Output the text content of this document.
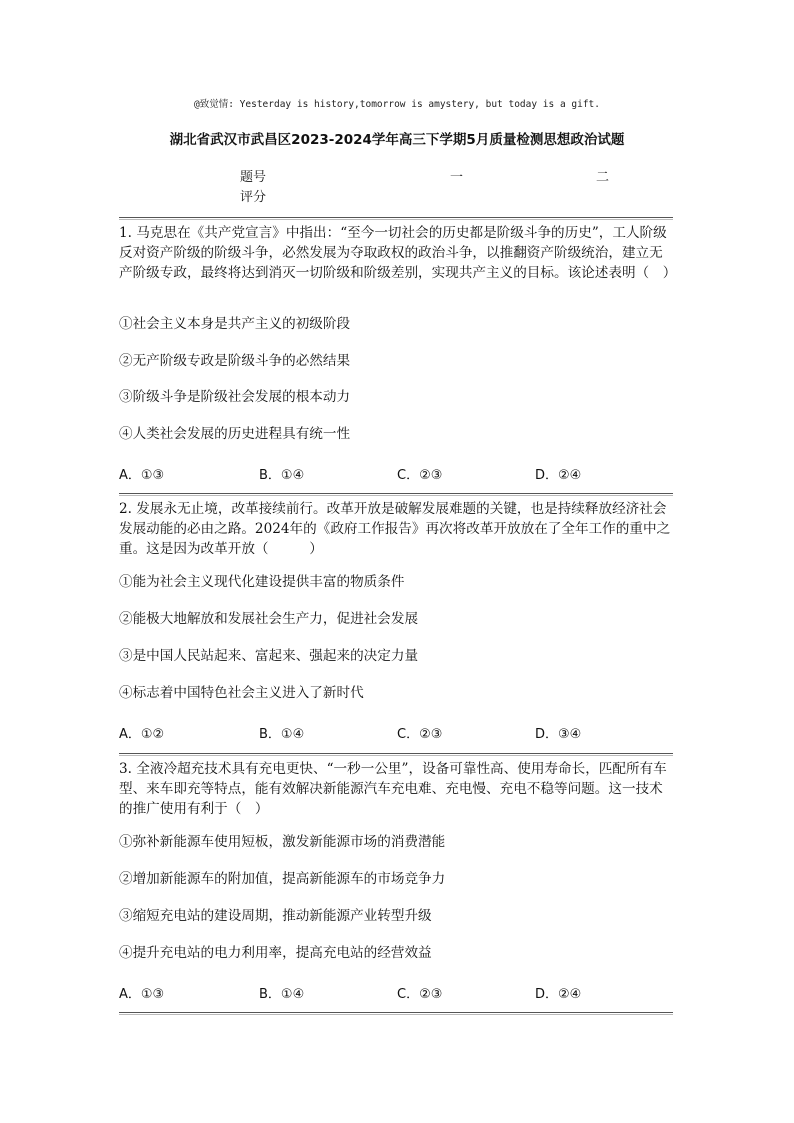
@致觉情: Yesterday is history,tomorrow is amystery, but today is a gift.
湖北省武汉市武昌区2023-2024学年高三下学期5月质量检测思想政治试题
题号	一	二
评分

1. 马克思在《共产党宣言》中指出：“至今一切社会的历史都是阶级斗争的历史”，工人阶级反对资产阶级的阶级斗争，必然发展为夺取政权的政治斗争，以推翻资产阶级统治，建立无产阶级专政，最终将达到消灭一切阶级和阶级差别，实现共产主义的目标。该论述表明（　）

①社会主义本身是共产主义的初级阶段

②无产阶级专政是阶级斗争的必然结果

③阶级斗争是阶级社会发展的根本动力

④人类社会发展的历史进程具有统一性

A．①③	B．①④	C．②③	D．②④

2. 发展永无止境，改革接续前行。改革开放是破解发展难题的关键，也是持续释放经济社会发展动能的必由之路。2024年的《政府工作报告》再次将改革开放放在了全年工作的重中之重。这是因为改革开放（　　　）

①能为社会主义现代化建设提供丰富的物质条件

②能极大地解放和发展社会生产力，促进社会发展

③是中国人民站起来、富起来、强起来的决定力量

④标志着中国特色社会主义进入了新时代

A．①②	B．①④	C．②③	D．③④

3. 全液冷超充技术具有充电更快、“一秒一公里”，设备可靠性高、使用寿命长，匹配所有车型、来车即充等特点，能有效解决新能源汽车充电难、充电慢、充电不稳等问题。这一技术的推广使用有利于（　）

①弥补新能源车使用短板，激发新能源市场的消费潜能

②增加新能源车的附加值，提高新能源车的市场竞争力

③缩短充电站的建设周期，推动新能源产业转型升级

④提升充电站的电力利用率，提高充电站的经营效益

A．①③	B．①④	C．②③	D．②④
